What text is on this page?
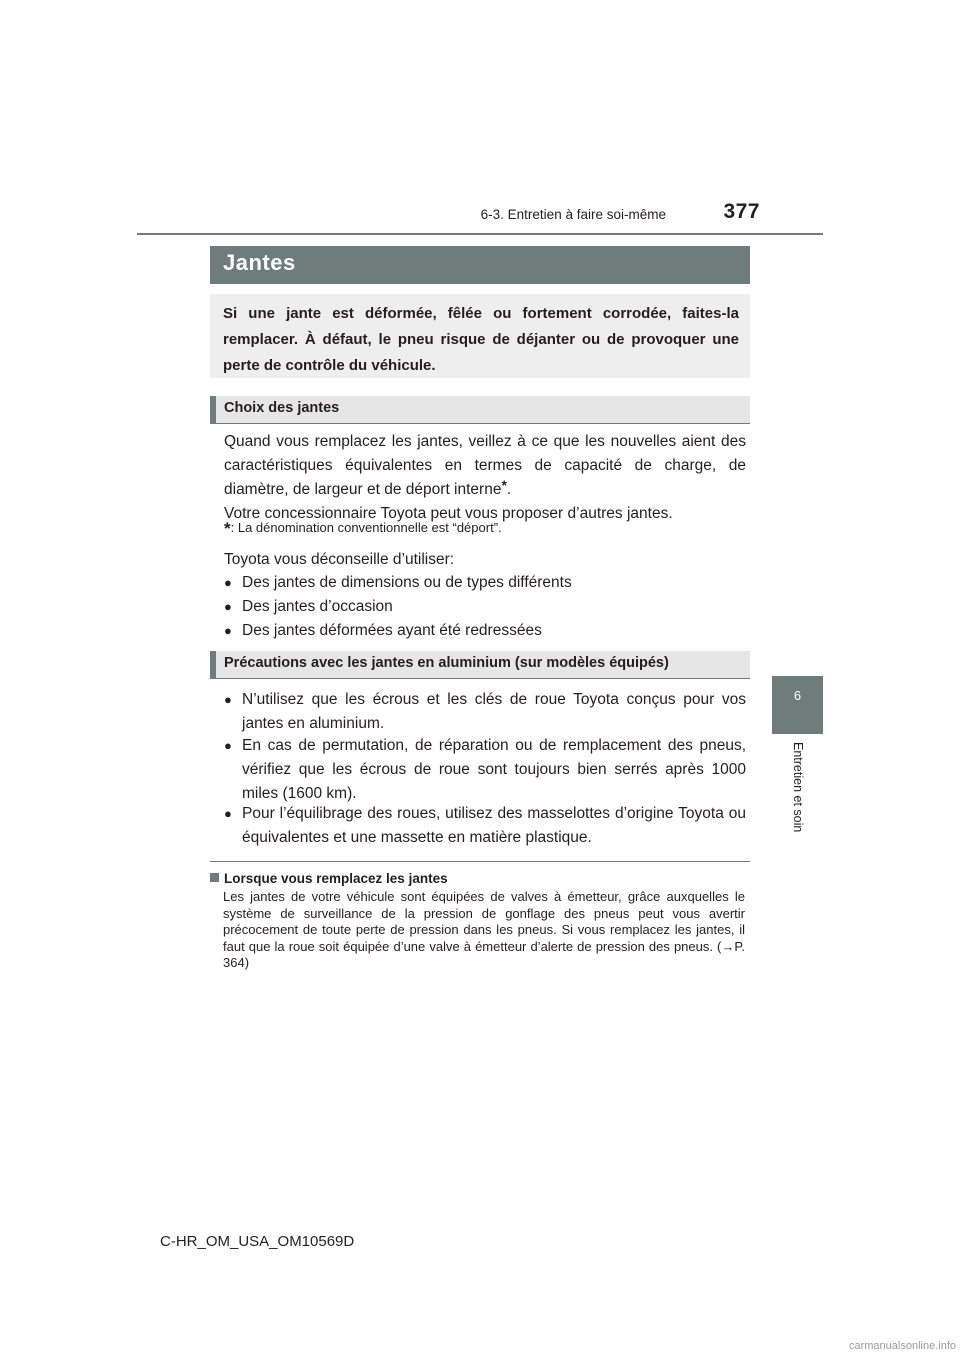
6-3. Entretien à faire soi-même	377
6
Entretien et soin
Jantes
Si une jante est déformée, fêlée ou fortement corrodée, faites-la remplacer. À défaut, le pneu risque de déjanter ou de provoquer une perte de contrôle du véhicule.
Choix des jantes
Quand vous remplacez les jantes, veillez à ce que les nouvelles aient des caractéristiques équivalentes en termes de capacité de charge, de diamètre, de largeur et de déport interne*.
Votre concessionnaire Toyota peut vous proposer d’autres jantes.
*: La dénomination conventionnelle est “déport”.
Toyota vous déconseille d’utiliser:
● Des jantes de dimensions ou de types différents
● Des jantes d’occasion
● Des jantes déformées ayant été redressées
Précautions avec les jantes en aluminium (sur modèles équipés)
● N’utilisez que les écrous et les clés de roue Toyota conçus pour vos jantes en aluminium.
● En cas de permutation, de réparation ou de remplacement des pneus, vérifiez que les écrous de roue sont toujours bien serrés après 1000 miles (1600 km).
● Pour l’équilibrage des roues, utilisez des masselottes d’origine Toyota ou équivalentes et une massette en matière plastique.
Lorsque vous remplacez les jantes
Les jantes de votre véhicule sont équipées de valves à émetteur, grâce auxquelles le système de surveillance de la pression de gonflage des pneus peut vous avertir précocement de toute perte de pression dans les pneus. Si vous remplacez les jantes, il faut que la roue soit équipée d’une valve à émetteur d’alerte de pression des pneus. (→P. 364)
C-HR_OM_USA_OM10569D
carmanualsonline.info
